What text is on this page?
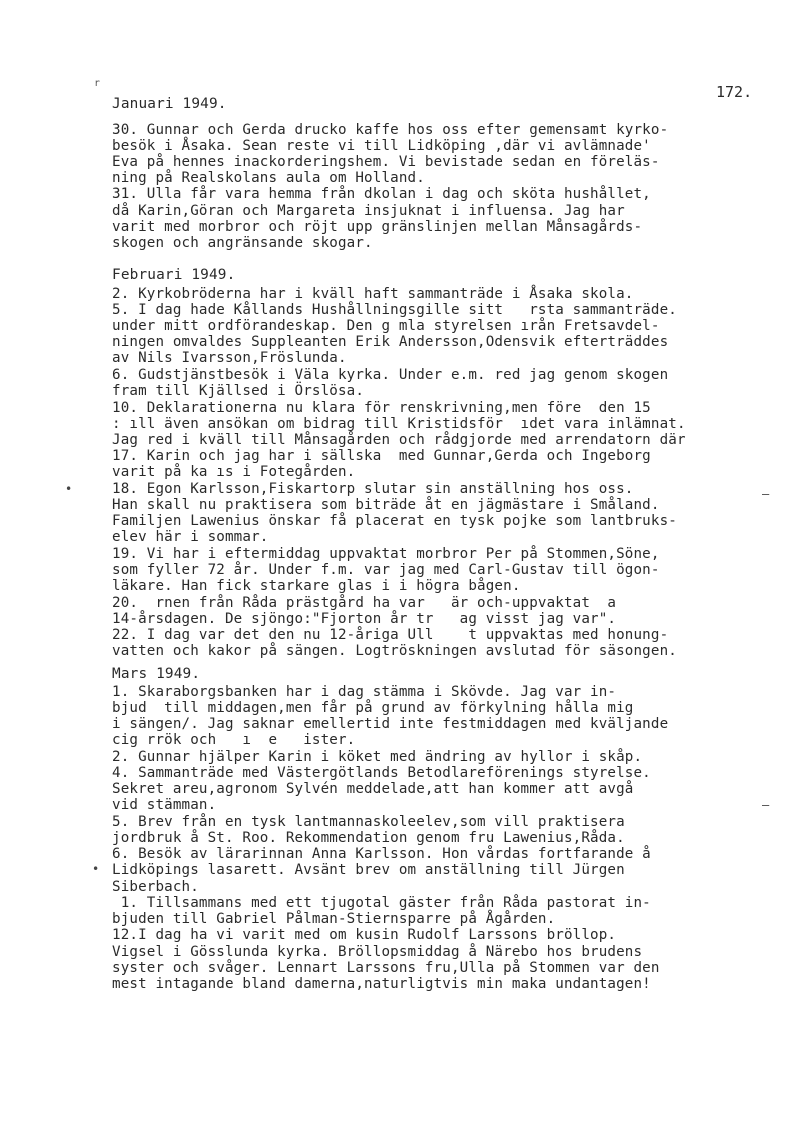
r	172.
Januari 1949.
30. Gunnar och Gerda drucko kaffe hos oss efter gemensamt kyrko-
besök i Åsaka. Sean reste vi till Lidköping ,där vi avlämnade'
Eva på hennes inackorderingshem. Vi bevistade sedan en föreläs-
ning på Realskolans aula om Holland.
31. Ulla får vara hemma från dkolan i dag och sköta hushållet,
då Karin,Göran och Margareta insjuknat i influensa. Jag har
varit med morbror och röjt upp gränslinjen mellan Månsagårds-
skogen och angränsande skogar.
Februari 1949.
2. Kyrkobröderna har i kväll haft sammanträde i Åsaka skola.
5. I dag hade Kållands Hushållningsgille sitt   rsta sammanträde.
under mitt ordförandeskap. Den g mla styrelsen ırån Fretsavdel-
ningen omvaldes Suppleanten Erik Andersson,Odensvik efterträddes
av Nils Ivarsson,Fröslunda.
6. Gudstjänstbesök i Väla kyrka. Under e.m. red jag genom skogen
fram till Kjällsed i Örslösa.
10. Deklarationerna nu klara för renskrivning,men före  den 15
: ıll även ansökan om bidrag till Kristidsför  ıdet vara inlämnat.
Jag red i kväll till Månsagården och rådgjorde med arrendatorn där
17. Karin och jag har i sällska  med Gunnar,Gerda och Ingeborg
varit på ka ıs i Fotegården.
18. Egon Karlsson,Fiskartorp slutar sin anställning hos oss.
Han skall nu praktisera som biträde åt en jägmästare i Småland.
Familjen Lawenius önskar få placerat en tysk pojke som lantbruks-
elev här i sommar.
19. Vi har i eftermiddag uppvaktat morbror Per på Stommen,Söne,
som fyller 72 år. Under f.m. var jag med Carl-Gustav till ögon-
läkare. Han fick starkare glas i i högra bågen.
20.  rnen från Råda prästgård ha var   är och-uppvaktat  a
14-årsdagen. De sjöngo:"Fjorton år tr   ag visst jag var".
22. I dag var det den nu 12-åriga Ull    t uppvaktas med honung-
vatten och kakor på sängen. Logtröskningen avslutad för säsongen.
Mars 1949.
1. Skaraborgsbanken har i dag stämma i Skövde. Jag var in-
bjud  till middagen,men får på grund av förkylning hålla mig
i sängen/. Jag saknar emellertid inte festmiddagen med kväljande
cig rrök och   ı  e   ister.
2. Gunnar hjälper Karin i köket med ändring av hyllor i skåp.
4. Sammanträde med Västergötlands Betodlareförenings styrelse.
Sekret areu,agronom Sylvén meddelade,att han kommer att avgå
vid stämman.
5. Brev från en tysk lantmannaskoleelev,som vill praktisera
jordbruk å St. Roo. Rekommendation genom fru Lawenius,Råda.
6. Besök av lärarinnan Anna Karlsson. Hon vårdas fortfarande å
Lidköpings lasarett. Avsänt brev om anställning till Jürgen
Siberbach.
1. Tillsammans med ett tjugotal gäster från Råda pastorat in-
bjuden till Gabriel Pålman-Stiernsparre på Ågården.
12.I dag ha vi varit med om kusin Rudolf Larssons bröllop.
Vigsel i Gösslunda kyrka. Bröllopsmiddag å Närebo hos brudens
syster och svåger. Lennart Larssons fru,Ulla på Stommen var den
mest intagande bland damerna,naturligtvis min maka undantagen!
•
•
–
–
